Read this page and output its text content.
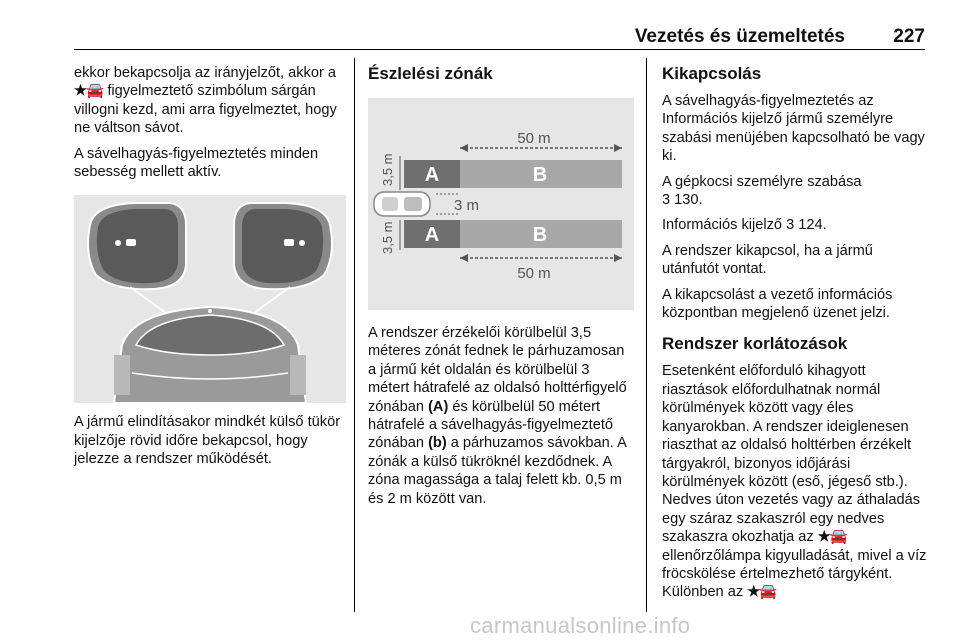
Vezetés és üzemeltetés	227

ekkor bekapcsolja az irányjelzőt, akkor a ★🚘 figyelmeztető szimbólum sárgán villogni kezd, ami arra figyelmeztet, hogy ne váltson sávot.

A sávelhagyás-figyelmeztetés minden sebesség mellett aktív.

A jármű elindításakor mindkét külső tükör kijelzője rövid időre bekapcsol, hogy jelezze a rendszer működését.

Észlelési zónák
50 m
3,5 m A	B
3 m
A	B
3,5 m
50 m

A rendszer érzékelői körülbelül 3,5 méteres zónát fednek le párhuzamosan a jármű két oldalán és körülbelül 3 métert hátrafelé az oldalsó holttérfigyelő zónában (A) és körülbelül 50 métert hátrafelé a sávelhagyás-figyelmeztető zónában (b) a párhuzamos sávokban. A zónák a külső tükröknél kezdődnek. A zóna magassága a talaj felett kb. 0,5 m és 2 m között van.

Kikapcsolás

A sávelhagyás-figyelmeztetés az Információs kijelző jármű személyre szabási menüjében kapcsolható be vagy ki.

A gépkocsi személyre szabása
3 130.

Információs kijelző 3 124.

A rendszer kikapcsol, ha a jármű utánfutót vontat.

A kikapcsolást a vezető információs központban megjelenő üzenet jelzi.

Rendszer korlátozások

Esetenként előforduló kihagyott riasztások előfordulhatnak normál körülmények között vagy éles kanyarokban. A rendszer ideiglenesen riaszthat az oldalsó holttérben érzékelt tárgyakról, bizonyos időjárási körülmények között (eső, jégeső stb.). Nedves úton vezetés vagy az áthaladás egy száraz szakaszról egy nedves szakaszra okozhatja az ★🚘 ellenőrzőlámpa kigyulladását, mivel a víz fröcskölése értelmezhető tárgyként. Különben az ★🚘

carmanualsonline.info
